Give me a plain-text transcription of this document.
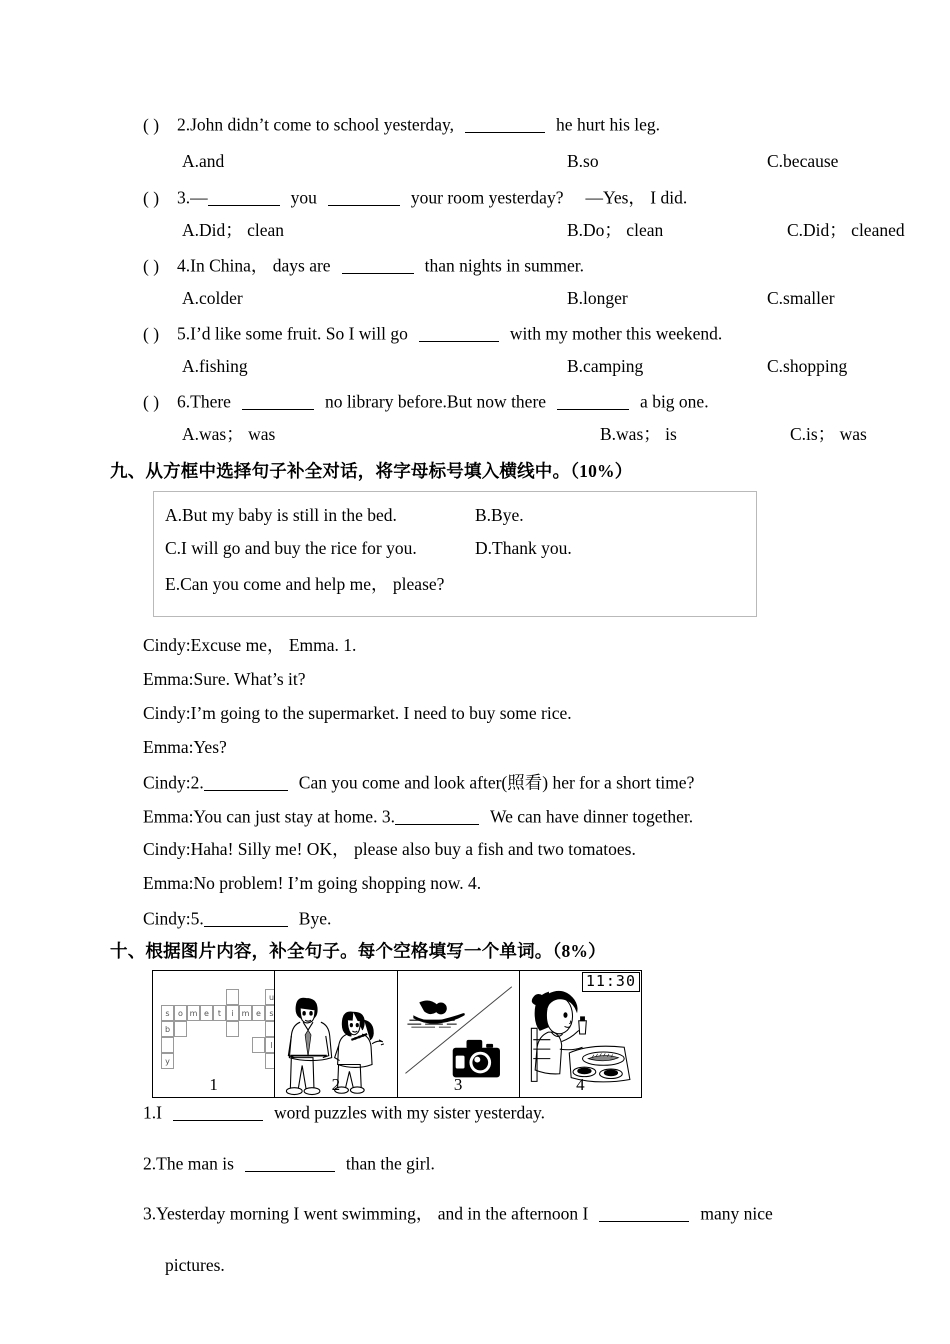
( ) 2.John didn’t come to school yesterday,	he hurt his leg.
A.and	B.so	C.because
( ) 3.—	you	your room yesterday? —Yes， I did.
A.Did； clean	B.Do； clean	C.Did； cleaned
( ) 4.In China， days are	than nights in summer.
A.colder	B.longer	C.smaller
( ) 5.I’d like some fruit. So I will go	with my mother this weekend.
A.fishing	B.camping	C.shopping
( ) 6.There	no library before.But now there	a big one.
A.was； was	B.was； is	C.is； was
九、从方框中选择句子补全对话，将字母标号填入横线中。（10%）
A.But my baby is still in the bed.	B.Bye.
C.I will go and buy the rice for you.	D.Thank you.
E.Can you come and help me， please?
Cindy:Excuse me， Emma. 1.
Emma:Sure. What’s it?
Cindy:I’m going to the supermarket. I need to buy some rice.
Emma:Yes?
Cindy:2.	Can you come and look after(照看) her for a short time?
Emma:You can just stay at home. 3.	We can have dinner together.
Cindy:Haha! Silly me! OK， please also buy a fish and two tomatoes.
Emma:No problem! I’m going shopping now. 4.
Cindy:5.	Bye.
十、根据图片内容，补全句子。每个空格填写一个单词。（8%）
s	o m e	t	i m e	s
u
l
b
y
1	2	3
11:30
4
1.I	word puzzles with my sister yesterday.
2.The man is	than the girl.
3.Yesterday morning I went swimming， and in the afternoon I	many nice
pictures.
